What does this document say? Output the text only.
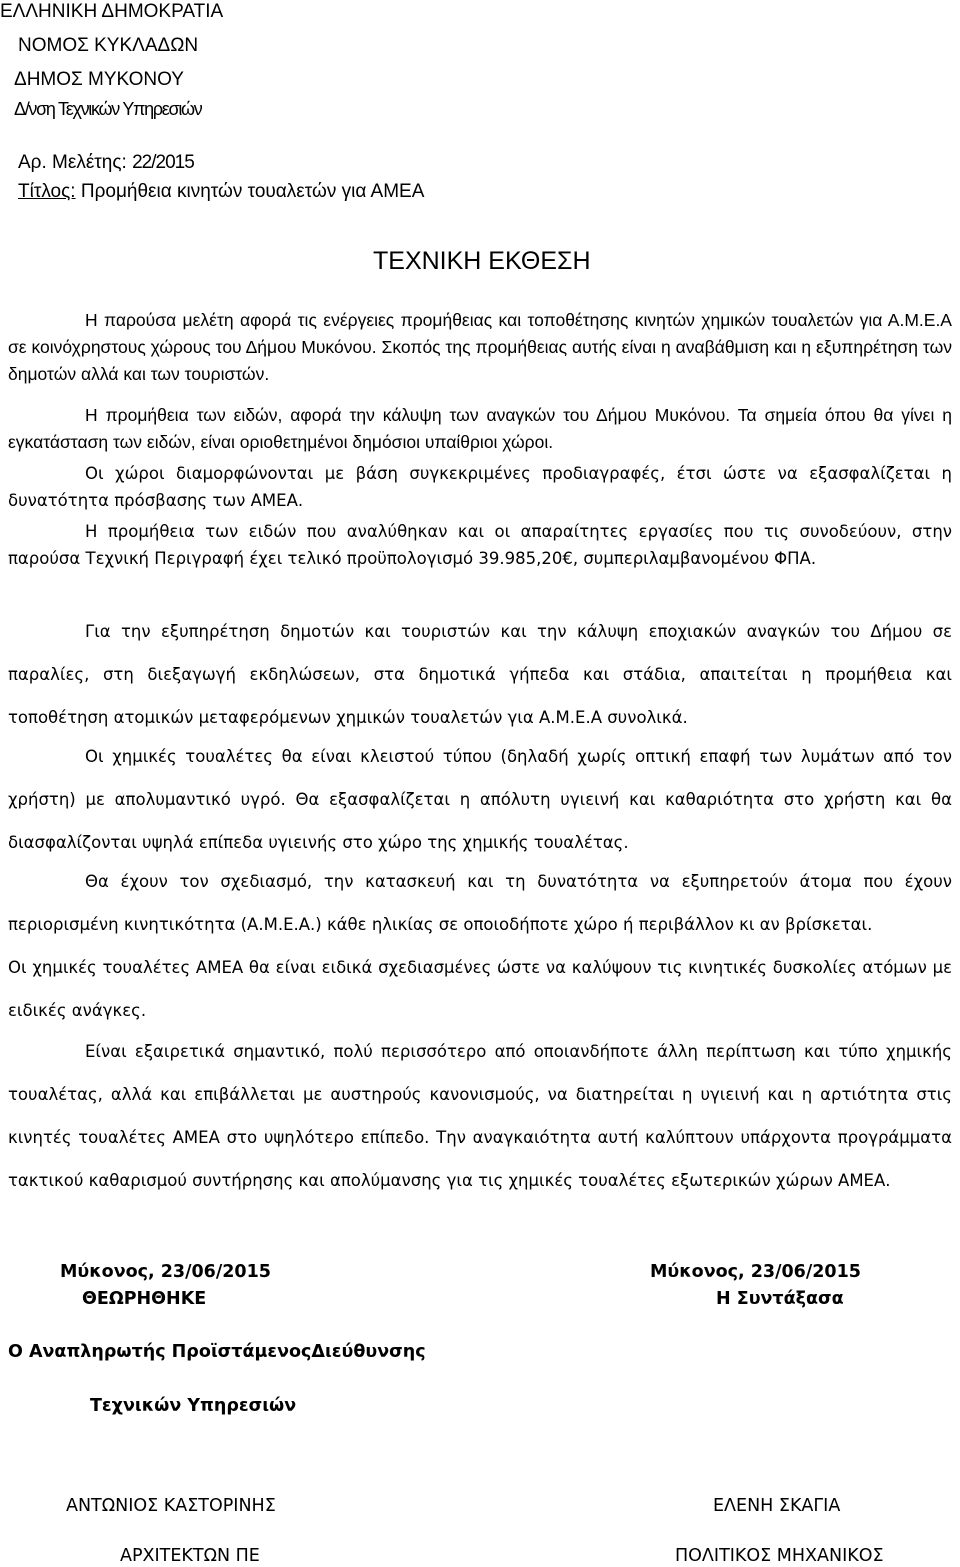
ΕΛΛΗΝΙΚΗ ΔΗΜΟΚΡΑΤΙΑ
ΝΟΜΟΣ ΚΥΚΛΑΔΩΝ
ΔΗΜΟΣ ΜΥΚΟΝΟΥ
Δ/νση Τεχνικών Υπηρεσιών
Αρ. Μελέτης: 22/2015
Τίτλος: Προμήθεια κινητών τουαλετών για ΑΜΕΑ
ΤΕΧΝΙΚΗ ΕΚΘΕΣΗ

Η παρούσα μελέτη αφορά τις ενέργειες προμήθειας και τοποθέτησης κινητών χημικών τουαλετών για Α.Μ.Ε.Α σε κοινόχρηστους χώρους του Δήμου Μυκόνου. Σκοπός της προμήθειας αυτής είναι η αναβάθμιση και η εξυπηρέτηση των δημοτών αλλά και των τουριστών.

Η προμήθεια των ειδών, αφορά την κάλυψη των αναγκών του Δήμου Μυκόνου. Τα σημεία όπου θα γίνει η εγκατάσταση των ειδών, είναι οριοθετημένοι δημόσιοι υπαίθριοι χώροι.

Οι χώροι διαμορφώνονται με βάση συγκεκριμένες προδιαγραφές, έτσι ώστε να εξασφαλίζεται η δυνατότητα πρόσβασης των ΑΜΕΑ.

Η προμήθεια των ειδών που αναλύθηκαν και οι απαραίτητες εργασίες που τις συνοδεύουν, στην παρούσα Τεχνική Περιγραφή έχει τελικό προϋπολογισμό 39.985,20€, συμπεριλαμβανομένου ΦΠΑ.

Για την εξυπηρέτηση δημοτών και τουριστών και την κάλυψη εποχιακών αναγκών του Δήμου σε παραλίες, στη διεξαγωγή εκδηλώσεων, στα δημοτικά γήπεδα και στάδια, απαιτείται η προμήθεια και τοποθέτηση ατομικών μεταφερόμενων χημικών τουαλετών για Α.Μ.Ε.Α συνολικά.

Οι χημικές τουαλέτες θα είναι κλειστού τύπου (δηλαδή χωρίς οπτική επαφή των λυμάτων από τον χρήστη) με απολυμαντικό υγρό. Θα εξασφαλίζεται η απόλυτη υγιεινή και καθαριότητα στο χρήστη και θα διασφαλίζονται υψηλά επίπεδα υγιεινής στο χώρο της χημικής τουαλέτας.

Θα έχουν τον σχεδιασμό, την κατασκευή και τη δυνατότητα να εξυπηρετούν άτομα που έχουν περιορισμένη κινητικότητα (Α.Μ.Ε.Α.) κάθε ηλικίας σε οποιοδήποτε χώρο ή περιβάλλον κι αν βρίσκεται.

Οι χημικές τουαλέτες ΑΜΕΑ θα είναι ειδικά σχεδιασμένες ώστε να καλύψουν τις κινητικές δυσκολίες ατόμων με ειδικές ανάγκες.

Είναι εξαιρετικά σημαντικό, πολύ περισσότερο από οποιανδήποτε άλλη περίπτωση και τύπο χημικής τουαλέτας, αλλά και επιβάλλεται με αυστηρούς κανονισμούς, να διατηρείται η υγιεινή και η αρτιότητα στις κινητές τουαλέτες ΑΜΕΑ στο υψηλότερο επίπεδο. Την αναγκαιότητα αυτή καλύπτουν υπάρχοντα προγράμματα τακτικού καθαρισμού συντήρησης και απολύμανσης για τις χημικές τουαλέτες εξωτερικών χώρων ΑΜΕΑ.

Μύκονος, 23/06/2015
ΘΕΩΡΗΘΗΚΕ
Μύκονος, 23/06/2015
Η Συντάξασα
Ο Αναπληρωτής ΠροϊστάμενοςΔιεύθυνσης
Τεχνικών Υπηρεσιών
ΑΝΤΩΝΙΟΣ ΚΑΣΤΟΡΙΝΗΣ
ΑΡΧΙΤΕΚΤΩΝ ΠΕ
ΕΛΕΝΗ ΣΚΑΓΙΑ
ΠΟΛΙΤΙΚΟΣ ΜΗΧΑΝΙΚΟΣ
